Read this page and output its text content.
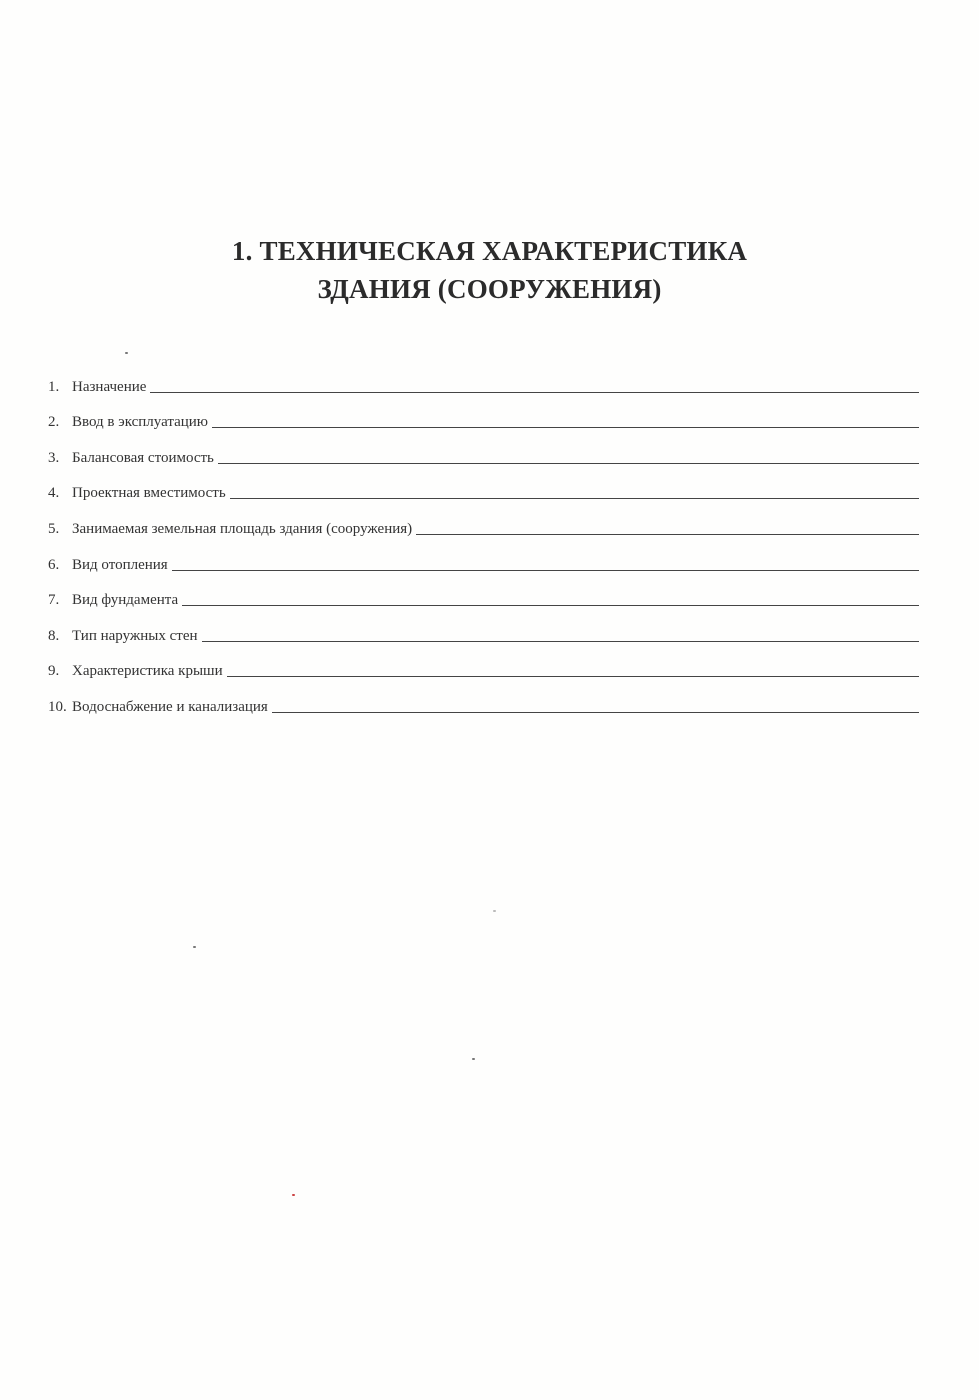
1. ТЕХНИЧЕСКАЯ ХАРАКТЕРИСТИКА
ЗДАНИЯ (СООРУЖЕНИЯ)
1. Назначение
2. Ввод в эксплуатацию
3. Балансовая стоимость
4. Проектная вместимость
5. Занимаемая земельная площадь здания (сооружения)
6. Вид отопления
7. Вид фундамента
8. Тип наружных стен
9. Характеристика крыши
10. Водоснабжение и канализация
